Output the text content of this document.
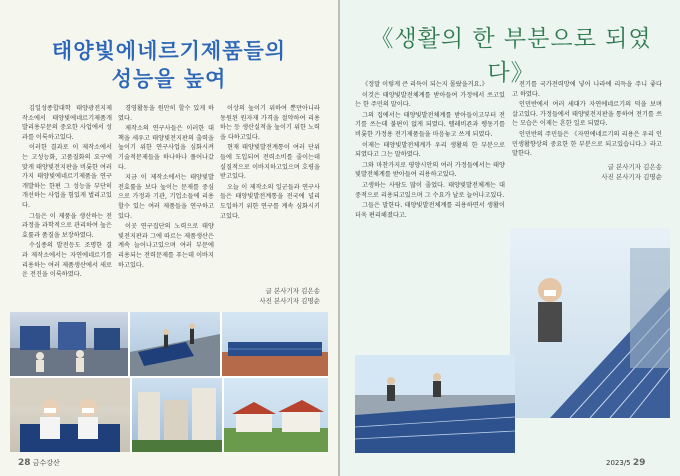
태양빛에네르기제품들의
성능을 높여

김일성종합대학 태양광전지제작소에서 태양빛에네르기제품개발리용부문의 중요한 사업에서 성과를 이룩하고있다.

이러한 결과로 이 제작소에서는 고성능화, 고품질화의 요구에 맞게 태양빛전지판을 비롯한 여러가지 태양빛에네르기제품을 연구개발하는 한편 그 성능을 부단히 개선하는 사업을 힘있게 벌리고있다.

그들은 이 제품을 생산하는 전 과정을 과학적으로 관리하여 높은 효률과 품질을 보장하였다.

수십종의 발전등도 조명한 결과 제작소에서는 자연에네르기를 리용하는 여러 제품생산에서 새로운 전진을 이룩하였다.

경영활동을 원만히 할수 있게 하였다.

제작소의 연구사들은 이러한 대책을 세우고 태양빛전지판의 출력을 높이기 위한 연구사업을 심화시켜 기술적문제들을 하나하나 풀어나갔다.

지금 이 제작소에서는 태양빛발전효률을 보다 높이는 문제를 중심으로 가정과 기관, 기업소들에 리용할수 있는 여러 제품들을 연구하고있다.

이곳 연구집단의 노력으로 태양빛전지판과 그에 따르는 제품생산은 계속 늘어나고있으며 여러 부문에 리용되는 전력문제를 푸는데 이바지하고있다.

이상의 높이기 위하여 뿐만아니라 동원된 원자재 가격을 절약하여 리용하는 등 생산실적을 높이기 위한 노력을 다하고있다.

현재 태양빛발전계통이 여러 단위들에 도입되여 전력소비를 줄이는데 실질적으로 이바지하고있으며 호평을 받고있다.

오늘 이 제작소의 일군들과 연구사들은 태양빛발전계통을 전국에 널리 도입하기 위한 연구를 계속 심화시키고있다.

글 본사기자 김은송
사진 본사기자 김명순
28 금수강산
《생활의 한 부분으로 되였다》

《정말 이렇게 큰 리득이 되는지 몰랐을거요.》

이것은 태양빛발전체계를 받아들여 가정에서 쓰고있는 한 주민의 말이다.

그의 집에서는 태양빛발전체계를 받아들이고부터 전기를 쓰는데 불편이 없게 되였다. 텔레비죤과 랭동기를 비롯한 가정용 전기제품들을 마음놓고 쓰게 되였다.

이제는 태양빛발전체계가 우리 생활의 한 부분으로 되였다고 그는 말하였다.

그와 마찬가지로 평양시안의 여러 가정들에서는 태양빛발전체계를 받아들여 리용하고있다.

고생하는 사람도 많이 줄었다. 태양빛발전체계는 대중적으로 리용되고있으며 그 수요가 날로 늘어나고있다.

그들은 말한다. 태양빛발전체계를 리용하면서 생활이 더욱 편리해졌다고.

전기를 국가전력망에 넣어 나라에 리득을 주니 좋다고 하였다.

인민반에서 여러 세대가 자연에네르기의 덕을 보며 살고있다. 가정들에서 태양빛전지판을 통하여 전기를 쓰는 모습은 이제는 흔한 일로 되였다.

인민반의 주민들은 《자연에네르기의 리용은 우리 인민생활향상의 중요한 한 부분으로 되고있습니다.》라고 말한다.

글 본사기자 김은송
사진 본사기자 김명순
2023/5 29
